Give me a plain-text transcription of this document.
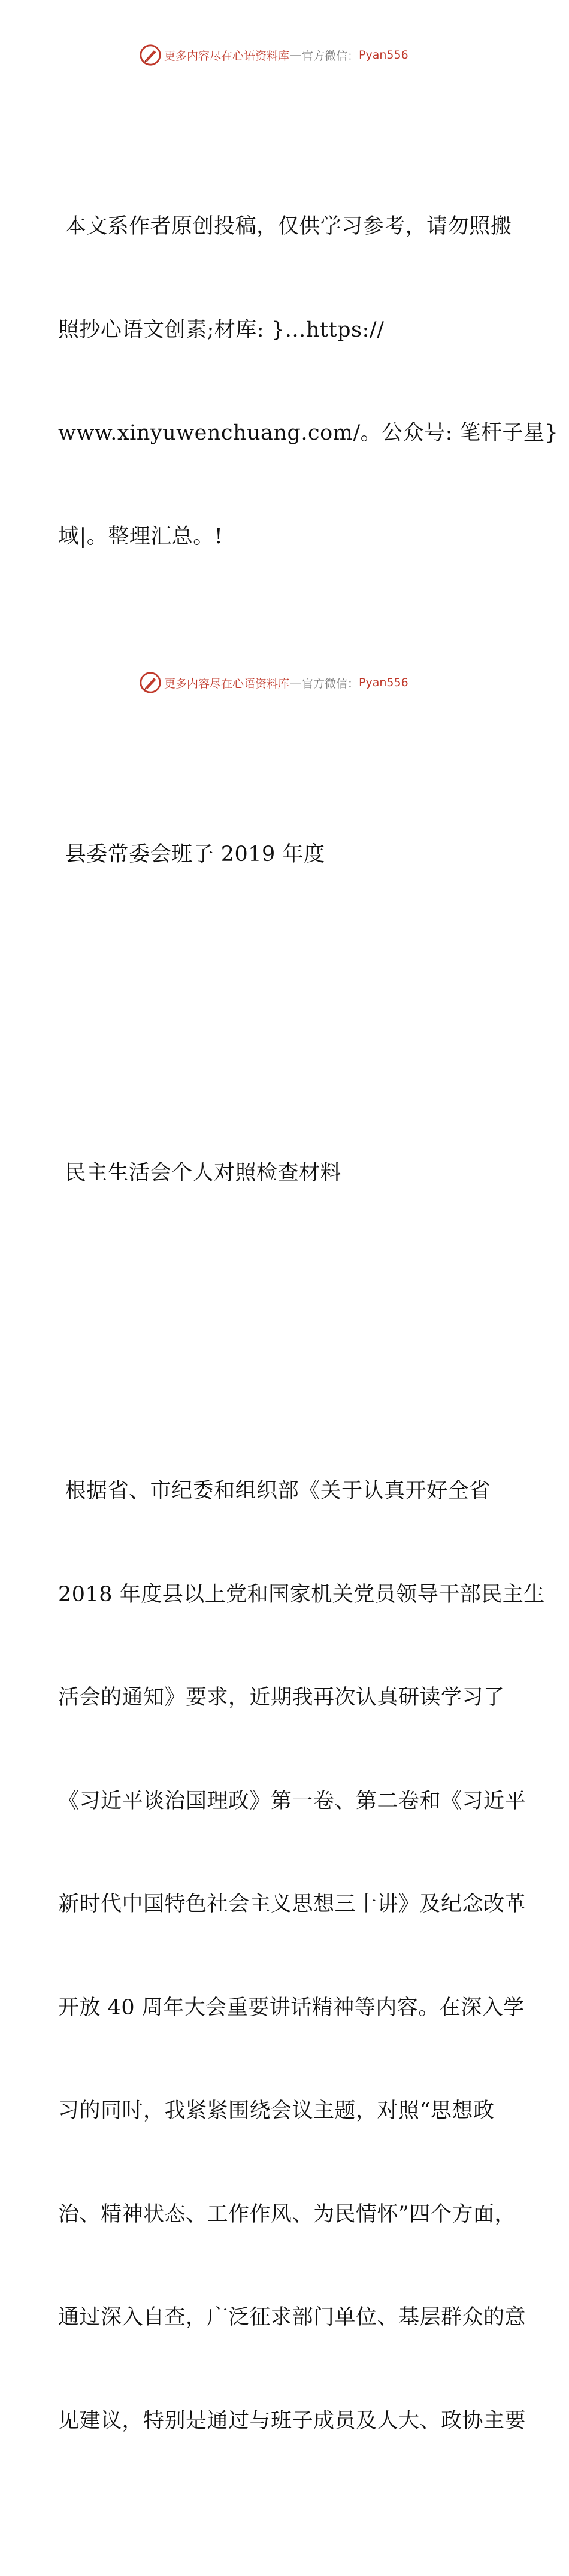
更多内容尽在心语资料库 — 官方微信： Pyan556

本文系作者原创投稿，仅供学习参考，请勿照搬

照抄心语文创素;材库: }…https://

www.xinyuwenchuang.com/。公众号: 笔杆子星}

域|。整理汇总。!

县委常委会班子 2019 年度

民主生活会个人对照检查材料

根据省、市纪委和组织部《关于认真开好全省

2018 年度县以上党和国家机关党员领导干部民主生

活会的通知》要求，近期我再次认真研读学习了

《习近平谈治国理政》第一卷、第二卷和《习近平

新时代中国特色社会主义思想三十讲》及纪念改革

开放 40 周年大会重要讲话精神等内容。在深入学

习的同时，我紧紧围绕会议主题，对照“思想政

治、精神状态、工作作风、为民情怀”四个方面，

通过深入自查，广泛征求部门单位、基层群众的意

见建议，特别是通过与班子成员及人大、政协主要

更多内容尽在心语资料库 — 官方微信： Pyan556
